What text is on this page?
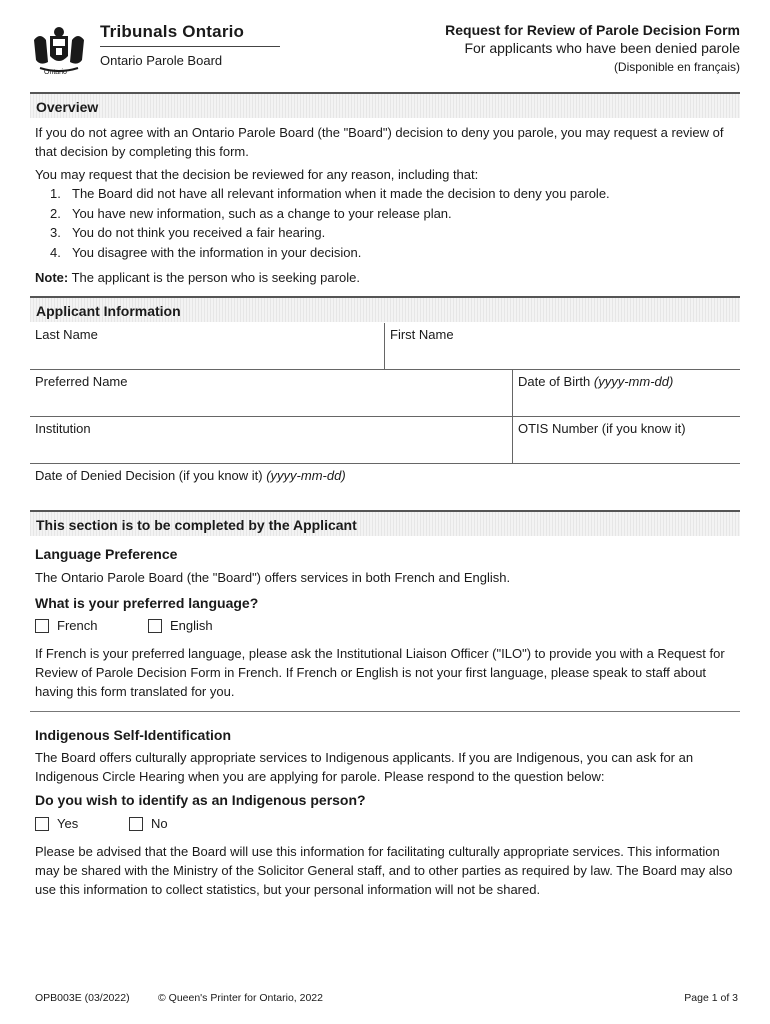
Ontario
Tribunals Ontario
Ontario Parole Board
Request for Review of Parole Decision Form
For applicants who have been denied parole
(Disponible en français)
Overview
If you do not agree with an Ontario Parole Board (the "Board") decision to deny you parole, you may request a review of that decision by completing this form.
You may request that the decision be reviewed for any reason, including that:
1. The Board did not have all relevant information when it made the decision to deny you parole.
2. You have new information, such as a change to your release plan.
3. You do not think you received a fair hearing.
4. You disagree with the information in your decision.
Note: The applicant is the person who is seeking parole.
Applicant Information
Last Name	First Name
Preferred Name	Date of Birth (yyyy-mm-dd)
Institution	OTIS Number (if you know it)
Date of Denied Decision (if you know it) (yyyy-mm-dd)
This section is to be completed by the Applicant
Language Preference
The Ontario Parole Board (the "Board") offers services in both French and English.
What is your preferred language?
French	English
If French is your preferred language, please ask the Institutional Liaison Officer ("ILO") to provide you with a Request for Review of Parole Decision Form in French. If French or English is not your first language, please speak to staff about having this form translated for you.
Indigenous Self-Identification
The Board offers culturally appropriate services to Indigenous applicants. If you are Indigenous, you can ask for an Indigenous Circle Hearing when you are applying for parole. Please respond to the question below:
Do you wish to identify as an Indigenous person?
Yes	No
Please be advised that the Board will use this information for facilitating culturally appropriate services. This information may be shared with the Ministry of the Solicitor General staff, and to other parties as required by law. The Board may also use this information to collect statistics, but your personal information will not be shared.
OPB003E (03/2022)	© Queen's Printer for Ontario, 2022	Page 1 of 3
